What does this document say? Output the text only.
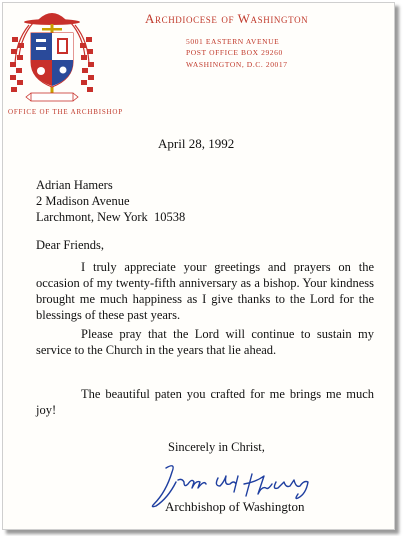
Archdiocese of Washington
5001 EASTERN AVENUE
POST OFFICE BOX 29260
WASHINGTON, D.C. 20017
OFFICE OF THE ARCHBISHOP
April 28, 1992
Adrian Hamers
2 Madison Avenue
Larchmont, New York  10538
Dear Friends,
I truly appreciate your greetings and prayers on the occasion of my twenty-fifth anniversary as a bishop. Your kindness brought me much happiness as I give thanks to the Lord for the blessings of these past years.
Please pray that the Lord will continue to sustain my service to the Church in the years that lie ahead.
The beautiful paten you crafted for me brings me much joy!
Sincerely in Christ,
Archbishop of Washington
